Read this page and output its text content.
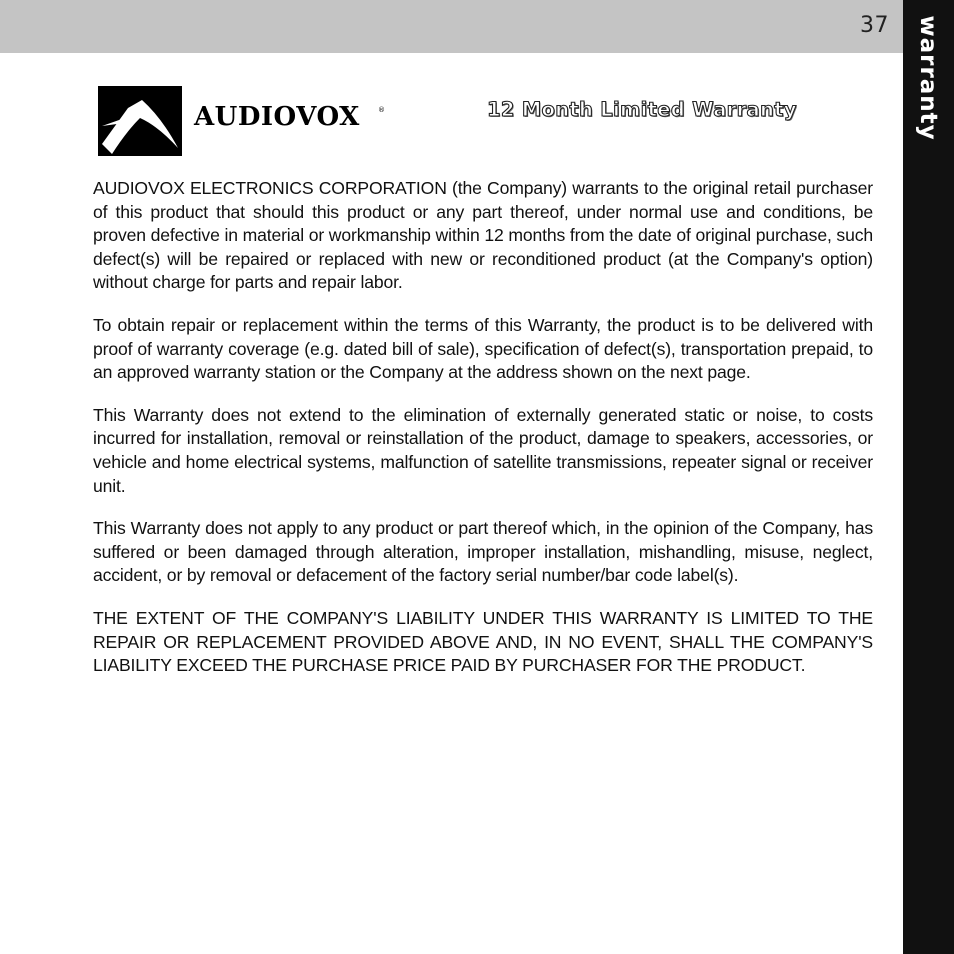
37 warranty
AUDIOVOX	®	12 Month Limited Warranty

AUDIOVOX ELECTRONICS CORPORATION (the Company) warrants to the original retail purchaser of this product that should this product or any part thereof, under normal use and conditions, be proven defective in material or workmanship within 12 months from the date of original purchase, such defect(s) will be repaired or replaced with new or reconditioned product (at the Company's option) without charge for parts and repair labor.

To obtain repair or replacement within the terms of this Warranty, the product is to be delivered with proof of warranty coverage (e.g. dated bill of sale), specification of defect(s), transportation prepaid, to an approved warranty station or the Company at the address shown on the next page.

This Warranty does not extend to the elimination of externally generated static or noise, to costs incurred for installation, removal or reinstallation of the product, damage to speakers, accessories, or vehicle and home electrical systems, malfunction of satellite transmissions, repeater signal or receiver unit.

This Warranty does not apply to any product or part thereof which, in the opinion of the Company, has suffered or been damaged through alteration, improper installation, mishandling, misuse, neglect, accident, or by removal or defacement of the factory serial number/bar code label(s).

THE EXTENT OF THE COMPANY'S LIABILITY UNDER THIS WARRANTY IS LIMITED TO THE REPAIR OR REPLACEMENT PROVIDED ABOVE AND, IN NO EVENT, SHALL THE COMPANY'S LIABILITY EXCEED THE PURCHASE PRICE PAID BY PURCHASER FOR THE PRODUCT.
